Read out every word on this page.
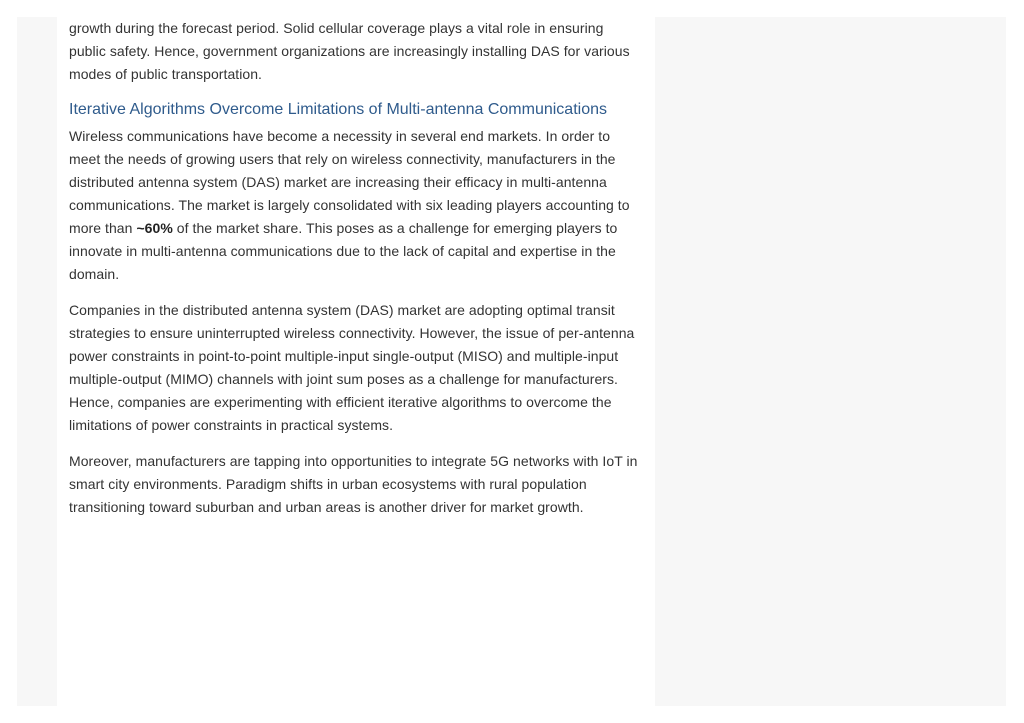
growth during the forecast period. Solid cellular coverage plays a vital role in ensuring public safety. Hence, government organizations are increasingly installing DAS for various modes of public transportation.

Iterative Algorithms Overcome Limitations of Multi-antenna Communications

Wireless communications have become a necessity in several end markets. In order to meet the needs of growing users that rely on wireless connectivity, manufacturers in the distributed antenna system (DAS) market are increasing their efficacy in multi-antenna communications. The market is largely consolidated with six leading players accounting to more than ~60% of the market share. This poses as a challenge for emerging players to innovate in multi-antenna communications due to the lack of capital and expertise in the domain.

Companies in the distributed antenna system (DAS) market are adopting optimal transit strategies to ensure uninterrupted wireless connectivity. However, the issue of per-antenna power constraints in point-to-point multiple-input single-output (MISO) and multiple-input multiple-output (MIMO) channels with joint sum poses as a challenge for manufacturers. Hence, companies are experimenting with efficient iterative algorithms to overcome the limitations of power constraints in practical systems.

Moreover, manufacturers are tapping into opportunities to integrate 5G networks with IoT in smart city environments. Paradigm shifts in urban ecosystems with rural population transitioning toward suburban and urban areas is another driver for market growth.
